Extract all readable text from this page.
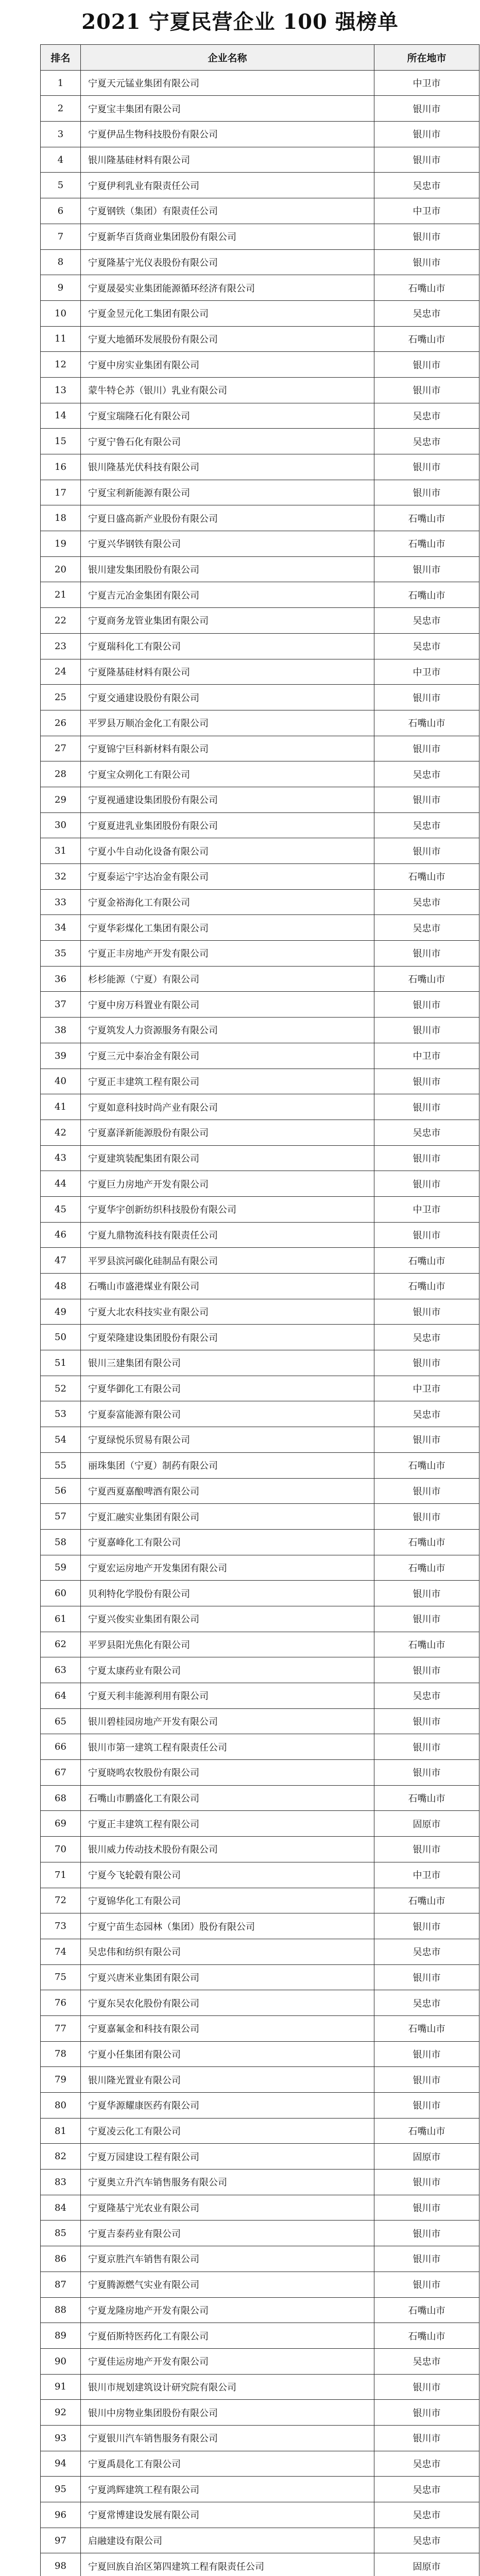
2021 宁夏民营企业 100 强榜单
排名	企业名称	所在地市
1	宁夏天元锰业集团有限公司	中卫市
2	宁夏宝丰集团有限公司	银川市
3	宁夏伊品生物科技股份有限公司	银川市
4	银川隆基硅材料有限公司	银川市
5	宁夏伊利乳业有限责任公司	吴忠市
6	宁夏钢铁（集团）有限责任公司	中卫市
7	宁夏新华百货商业集团股份有限公司	银川市
8	宁夏隆基宁光仪表股份有限公司	银川市
9	宁夏晟晏实业集团能源循环经济有限公司	石嘴山市
10	宁夏金昱元化工集团有限公司	吴忠市
11	宁夏大地循环发展股份有限公司	石嘴山市
12	宁夏中房实业集团有限公司	银川市
13	蒙牛特仑苏（银川）乳业有限公司	银川市
14	宁夏宝瑞隆石化有限公司	吴忠市
15	宁夏宁鲁石化有限公司	吴忠市
16	银川隆基光伏科技有限公司	银川市
17	宁夏宝利新能源有限公司	银川市
18	宁夏日盛高新产业股份有限公司	石嘴山市
19	宁夏兴华钢铁有限公司	石嘴山市
20	银川建发集团股份有限公司	银川市
21	宁夏吉元冶金集团有限公司	石嘴山市
22	宁夏商务龙管业集团有限公司	吴忠市
23	宁夏瑞科化工有限公司	吴忠市
24	宁夏隆基硅材料有限公司	中卫市
25	宁夏交通建设股份有限公司	银川市
26	平罗县万顺冶金化工有限公司	石嘴山市
27	宁夏锦宁巨科新材料有限公司	银川市
28	宁夏宝众朔化工有限公司	吴忠市
29	宁夏视通建设集团股份有限公司	银川市
30	宁夏夏进乳业集团股份有限公司	吴忠市
31	宁夏小牛自动化设备有限公司	银川市
32	宁夏泰运宁宇达冶金有限公司	石嘴山市
33	宁夏金裕海化工有限公司	吴忠市
34	宁夏华彩煤化工集团有限公司	吴忠市
35	宁夏正丰房地产开发有限公司	银川市
36	杉杉能源（宁夏）有限公司	石嘴山市
37	宁夏中房万科置业有限公司	银川市
38	宁夏筑发人力资源服务有限公司	银川市
39	宁夏三元中泰冶金有限公司	中卫市
40	宁夏正丰建筑工程有限公司	银川市
41	宁夏如意科技时尚产业有限公司	银川市
42	宁夏嘉泽新能源股份有限公司	吴忠市
43	宁夏建筑装配集团有限公司	银川市
44	宁夏巨力房地产开发有限公司	银川市
45	宁夏华宇创新纺织科技股份有限公司	中卫市
46	宁夏九鼎物流科技有限责任公司	银川市
47	平罗县滨河碳化硅制品有限公司	石嘴山市
48	石嘴山市盛港煤业有限公司	石嘴山市
49	宁夏大北农科技实业有限公司	银川市
50	宁夏荣隆建设集团股份有限公司	吴忠市
51	银川三建集团有限公司	银川市
52	宁夏华御化工有限公司	中卫市
53	宁夏泰富能源有限公司	吴忠市
54	宁夏绿悦乐贸易有限公司	银川市
55	丽珠集团（宁夏）制药有限公司	石嘴山市
56	宁夏西夏嘉酿啤酒有限公司	银川市
57	宁夏汇融实业集团有限公司	银川市
58	宁夏嘉峰化工有限公司	石嘴山市
59	宁夏宏运房地产开发集团有限公司	石嘴山市
60	贝利特化学股份有限公司	银川市
61	宁夏兴俊实业集团有限公司	银川市
62	平罗县阳光焦化有限公司	石嘴山市
63	宁夏太康药业有限公司	银川市
64	宁夏天利丰能源利用有限公司	吴忠市
65	银川碧桂园房地产开发有限公司	银川市
66	银川市第一建筑工程有限责任公司	银川市
67	宁夏晓鸣农牧股份有限公司	银川市
68	石嘴山市鹏盛化工有限公司	石嘴山市
69	宁夏正丰建筑工程有限公司	固原市
70	银川威力传动技术股份有限公司	银川市
71	宁夏今飞轮毂有限公司	中卫市
72	宁夏锦华化工有限公司	石嘴山市
73	宁夏宁苗生态园林（集团）股份有限公司	银川市
74	吴忠伟和纺织有限公司	吴忠市
75	宁夏兴唐米业集团有限公司	银川市
76	宁夏东吴农化股份有限公司	吴忠市
77	宁夏嘉氟金和科技有限公司	石嘴山市
78	宁夏小任集团有限公司	银川市
79	银川隆光置业有限公司	银川市
80	宁夏华源耀康医药有限公司	银川市
81	宁夏凌云化工有限公司	石嘴山市
82	宁夏万园建设工程有限公司	固原市
83	宁夏奥立升汽车销售服务有限公司	银川市
84	宁夏隆基宁光农业有限公司	银川市
85	宁夏吉泰药业有限公司	银川市
86	宁夏京胜汽车销售有限公司	银川市
87	宁夏腾源燃气实业有限公司	银川市
88	宁夏龙隆房地产开发有限公司	石嘴山市
89	宁夏佰斯特医药化工有限公司	石嘴山市
90	宁夏佳运房地产开发有限公司	吴忠市
91	银川市规划建筑设计研究院有限公司	银川市
92	银川中房物业集团股份有限公司	银川市
93	宁夏银川汽车销售服务有限公司	银川市
94	宁夏禹晨化工有限公司	吴忠市
95	宁夏鸿辉建筑工程有限公司	吴忠市
96	宁夏常博建设发展有限公司	吴忠市
97	启融建设有限公司	吴忠市
98	宁夏回族自治区第四建筑工程有限责任公司	固原市
